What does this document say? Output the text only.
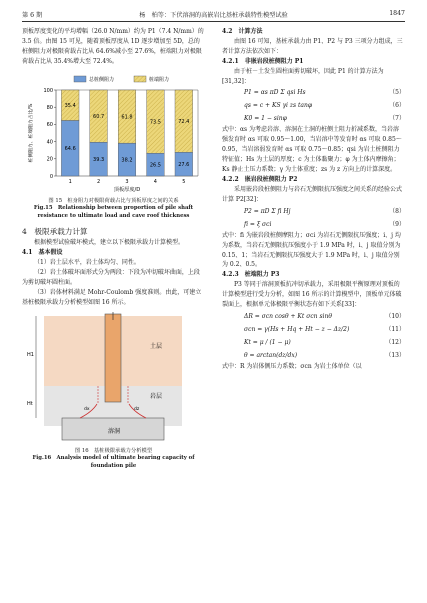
第 6 期	杨　柏等：下伏溶洞的高嵌岩比基桩承载特性模型试验	1847

顶板厚度变化的平均增幅（26.0 N/mm）约为 P1（7.4 N/mm）的 3.5 倍。由图 15 可见，随着顶板厚度从 1D 逐步增加至 5D，总的桩侧阻力对极限荷载占比从 64.6%减小至 27.6%，桩端阻力对极限荷载占比从 35.4%增大至 72.4%。

0
20
40
60
80
100
64.6
35.4
1
39.3
60.7
2
38.2
61.8
3
26.5
73.5
4
27.6
72.4
5
总桩侧阻力	桩端阻力
顶板厚度/D
桩侧阻力、桩端阻力占比/%

图 15　桩身阻力对极限荷载占比与顶板厚度之间的关系
Fig.15　Relationship between proportion of pile shaft resistance to ultimate load and cave roof thickness

4　极限承载力计算

根据模型试验破坏模式，建立以下极限承载力计算模型。

4.1　基本假设

（1）岩土层水平，岩土体均匀、同性。

（2）岩土体破坏面形式分为两段：下段为冲切破坏曲面，上段为剪切破坏圆柱面。

（3）岩体材料满足 Mohr-Coulomb 强度准则。由此，可建立基桩极限承载力分析模型如图 16 所示。

H1
Ht
dx	dz
土层
岩层
溶洞

图 16　基桩极限承载力分析模型
Fig.16　Analysis model of ultimate bearing capacity of foundation pile

4.2　计算方法

由图 16 可知，基桩承载力由 P1、P2 与 P3 三项分力组成，三者计算方法依次如下：

4.2.1　非嵌岩段桩侧阻力 P1

由于桩－土发生圆柱面剪切破坏，因此 P1 的计算方法为[31,32]：

P1 = αs πD Σ qsi Hs	（5）
qs = c + KS γi zs tanφ	（6）
K0 = 1 − sinφ	（7）

式中：αs 为考虑岩溶、溶洞在土洞的桩侧土阻力折减系数，当岩溶强发育时 αs 可取 0.95～1.00，当岩溶中等发育时 αs 可取 0.85～0.95，当岩溶弱发育时 αs 可取 0.75～0.85；qsi 为岩土桩侧阻力特征值；Hs 为土层的厚度；c 为土体黏聚力；φ 为土体内摩擦角；Ks 静止土压力系数；γ 为土体重度；zs 为 z 方向上的计算深度。

4.2.2　嵌岩段桩侧阻力 P2

采用嵌岩段桩侧阻力与岩石无侧限抗压强度之间关系的经验公式计算 P2[32]：

P2 = πD Σ fi Hj	（8）
fi = ξ σci	（9）

式中：fi 为嵌岩段桩侧摩阻力；σci 为岩石无侧限抗压强度；i、j 均为系数，当岩石无侧限抗压强度小于 1.9 MPa 时，i、j 取值分别为 0.15、1；当岩石无侧限抗压强度大于 1.9 MPa 时，i、j 取值分别为 0.2、0.5。

4.2.3　桩端阻力 P3

P3 等同于溶洞顶板抗冲切承载力，采用极限平衡原理对顶板的计算模型进行受力分析，如图 16 所示的计算模型中，顶板单元体破裂面上，根据单元体极限平衡状态有如下关系[33]：

ΔR = σcn cosθ + Kt σcn sinθ	（10）
σcn = γ(Hs + Hq + Ht − z − Δz/2)	（11）
Kt = μ / (1 − μ)	（12）
θ = arctan(dz/dx)	（13）

式中：R 为岩体侧压力系数；σcn 为岩土体单位（以
